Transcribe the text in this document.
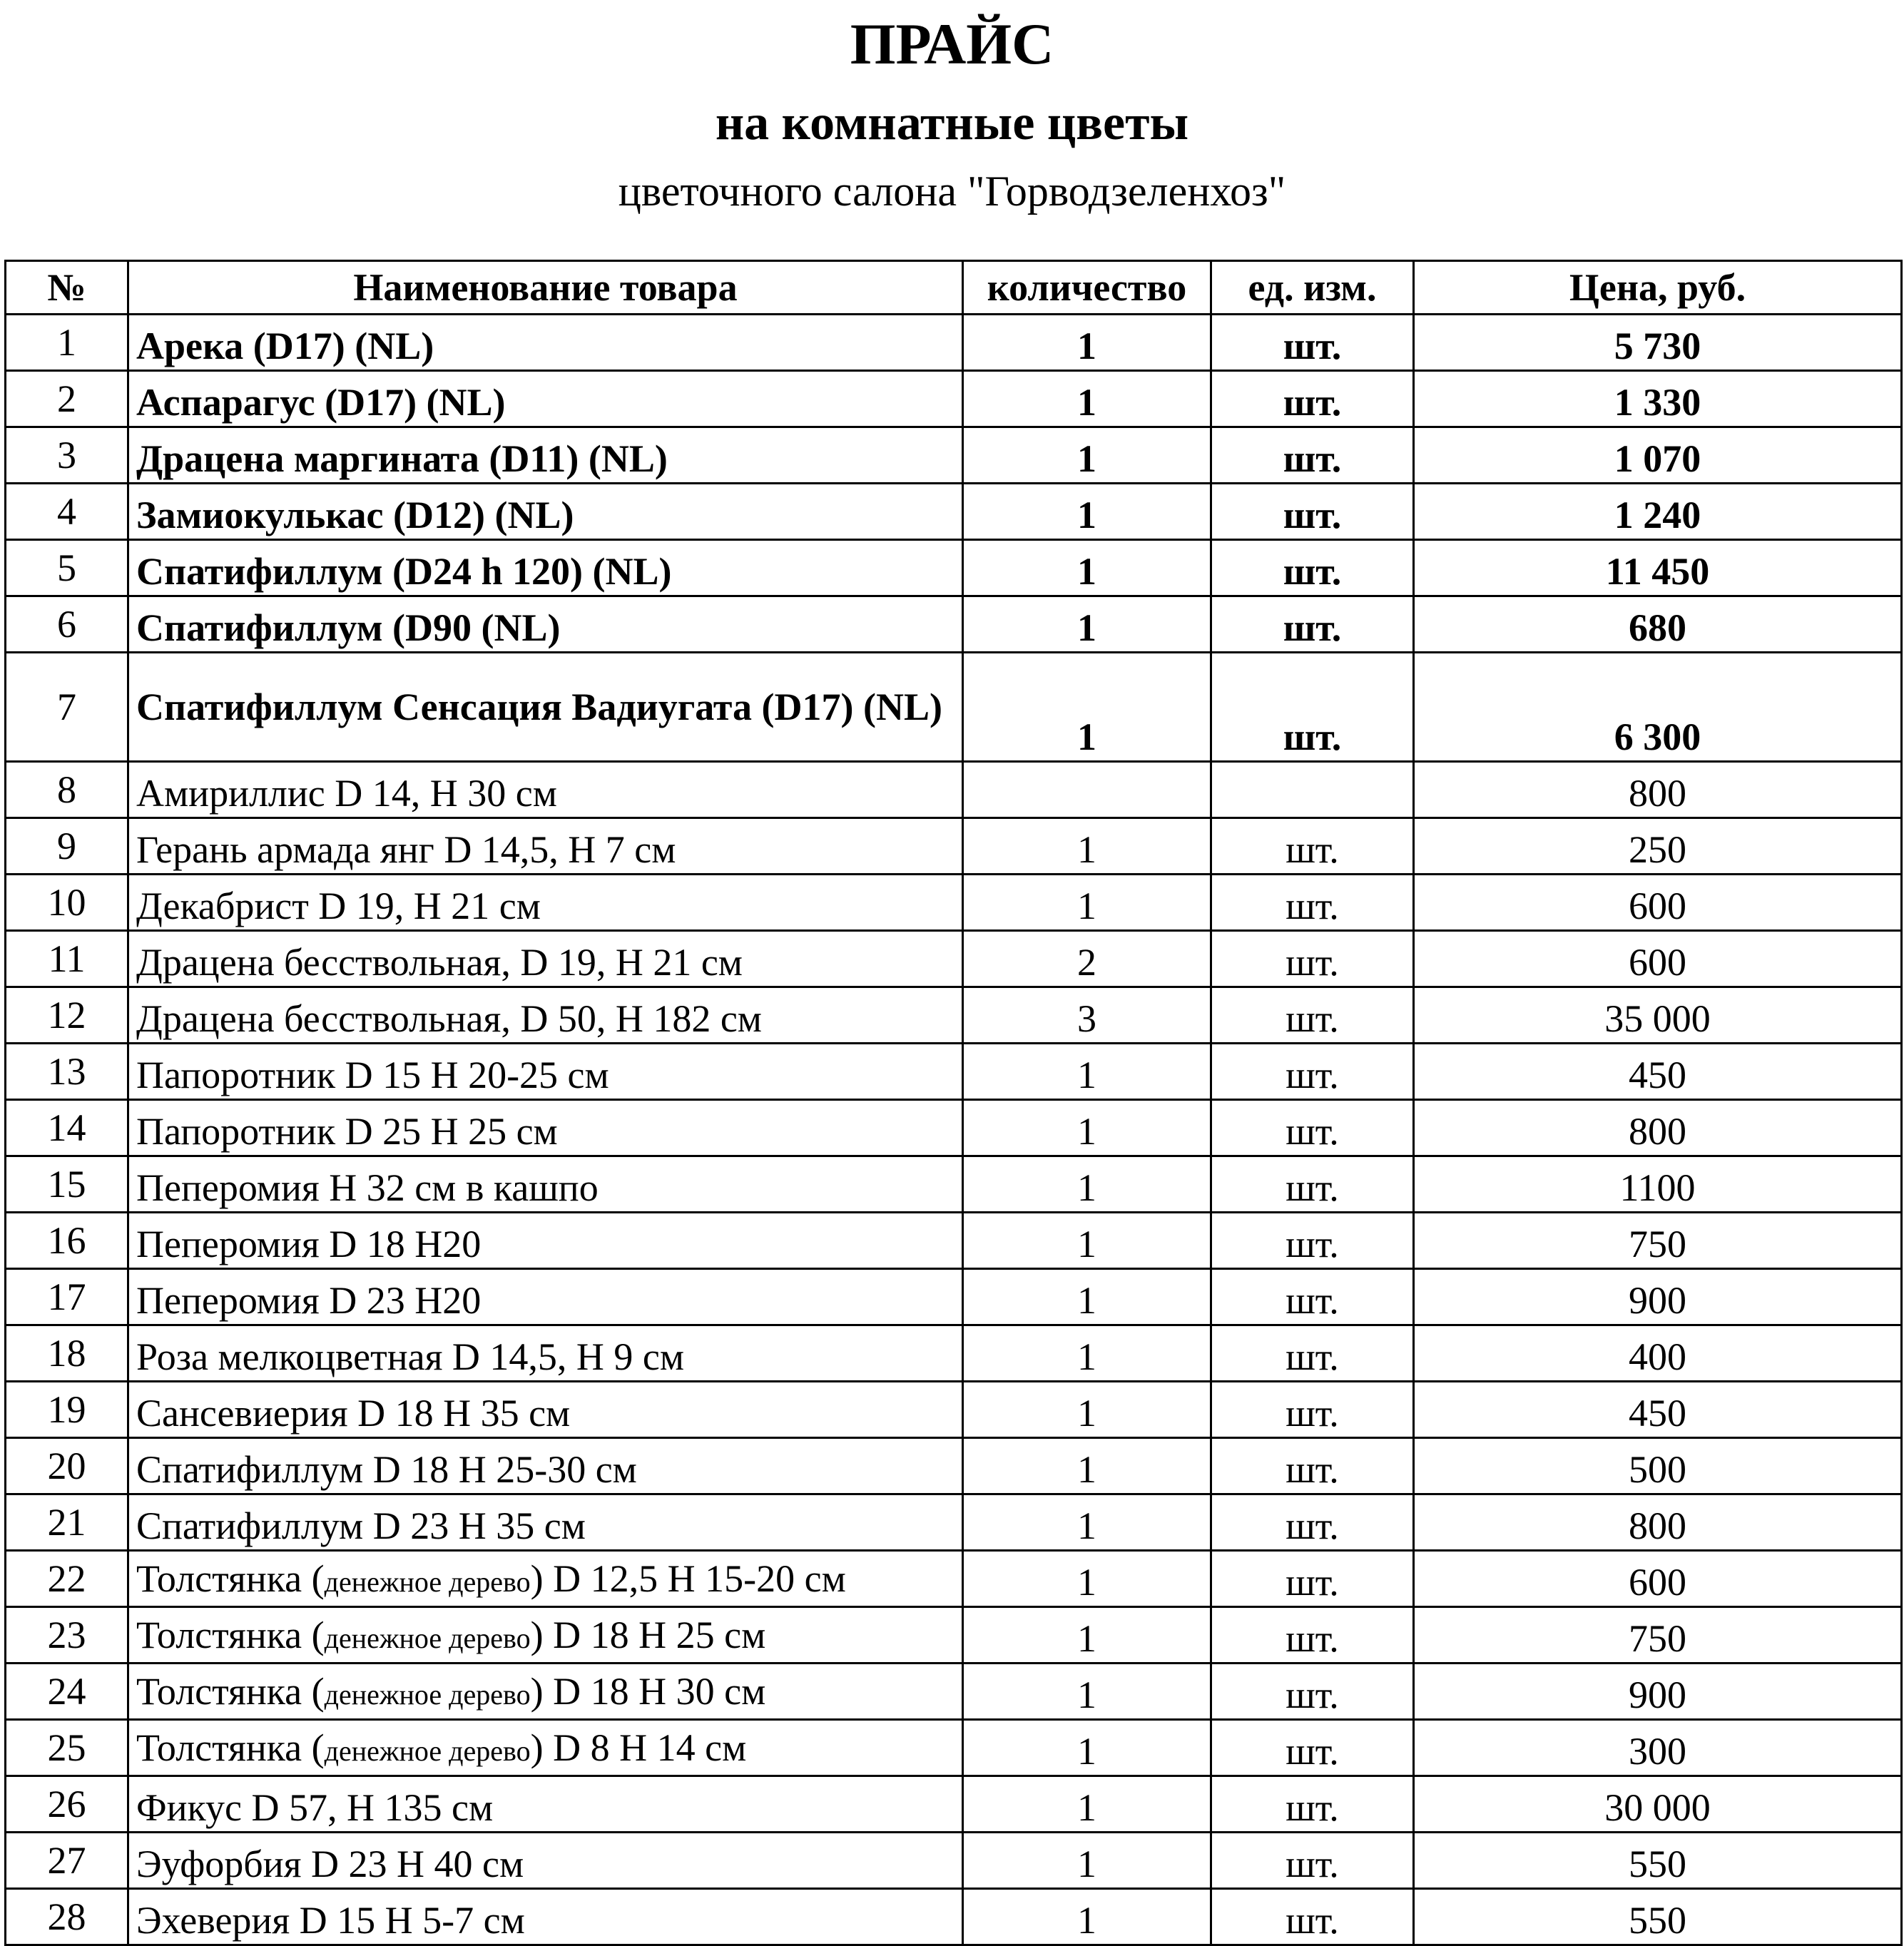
ПРАЙС
на комнатные цветы
цветочного салона "Горводзеленхоз"
№	Наименование товара	количество	ед. изм.	Цена, руб.
1	Арека (D17) (NL)	1	шт.	5 730
2	Аспарагус (D17) (NL)	1	шт.	1 330
3	Драцена маргината (D11) (NL)	1	шт.	1 070
4	Замиокулькас (D12) (NL)	1	шт.	1 240
5	Спатифиллум (D24 h 120) (NL)	1	шт.	11 450
6	Спатифиллум (D90 (NL)	1	шт.	680
7	Спатифиллум Сенсация Вадиугата (D17) (NL)	1	шт.	6 300
8	Амириллис D 14, H 30 см			800
9	Герань армада янг D 14,5, H 7 см	1	шт.	250
10	Декабрист D 19, H 21 см	1	шт.	600
11	Драцена бесствольная, D 19, H 21 см	2	шт.	600
12	Драцена бесствольная, D 50, H 182 см	3	шт.	35 000
13	Папоротник D 15 H 20-25 см	1	шт.	450
14	Папоротник D 25 H 25 см	1	шт.	800
15	Пеперомия H 32 см в кашпо	1	шт.	1100
16	Пеперомия D 18 H20	1	шт.	750
17	Пеперомия D 23 H20	1	шт.	900
18	Роза мелкоцветная D 14,5, H 9 см	1	шт.	400
19	Сансевиерия D 18 H 35 см	1	шт.	450
20	Спатифиллум D 18 H 25-30 см	1	шт.	500
21	Спатифиллум D 23 H 35 см	1	шт.	800
22	Толстянка (денежное дерево) D 12,5 H 15-20 см	1	шт.	600
23	Толстянка (денежное дерево) D 18 H 25 см	1	шт.	750
24	Толстянка (денежное дерево) D 18 H 30 см	1	шт.	900
25	Толстянка (денежное дерево) D 8 H 14 см	1	шт.	300
26	Фикус D 57, H 135 см	1	шт.	30 000
27	Эуфорбия D 23 H 40 см	1	шт.	550
28	Эхеверия D 15 H 5-7 см	1	шт.	550
